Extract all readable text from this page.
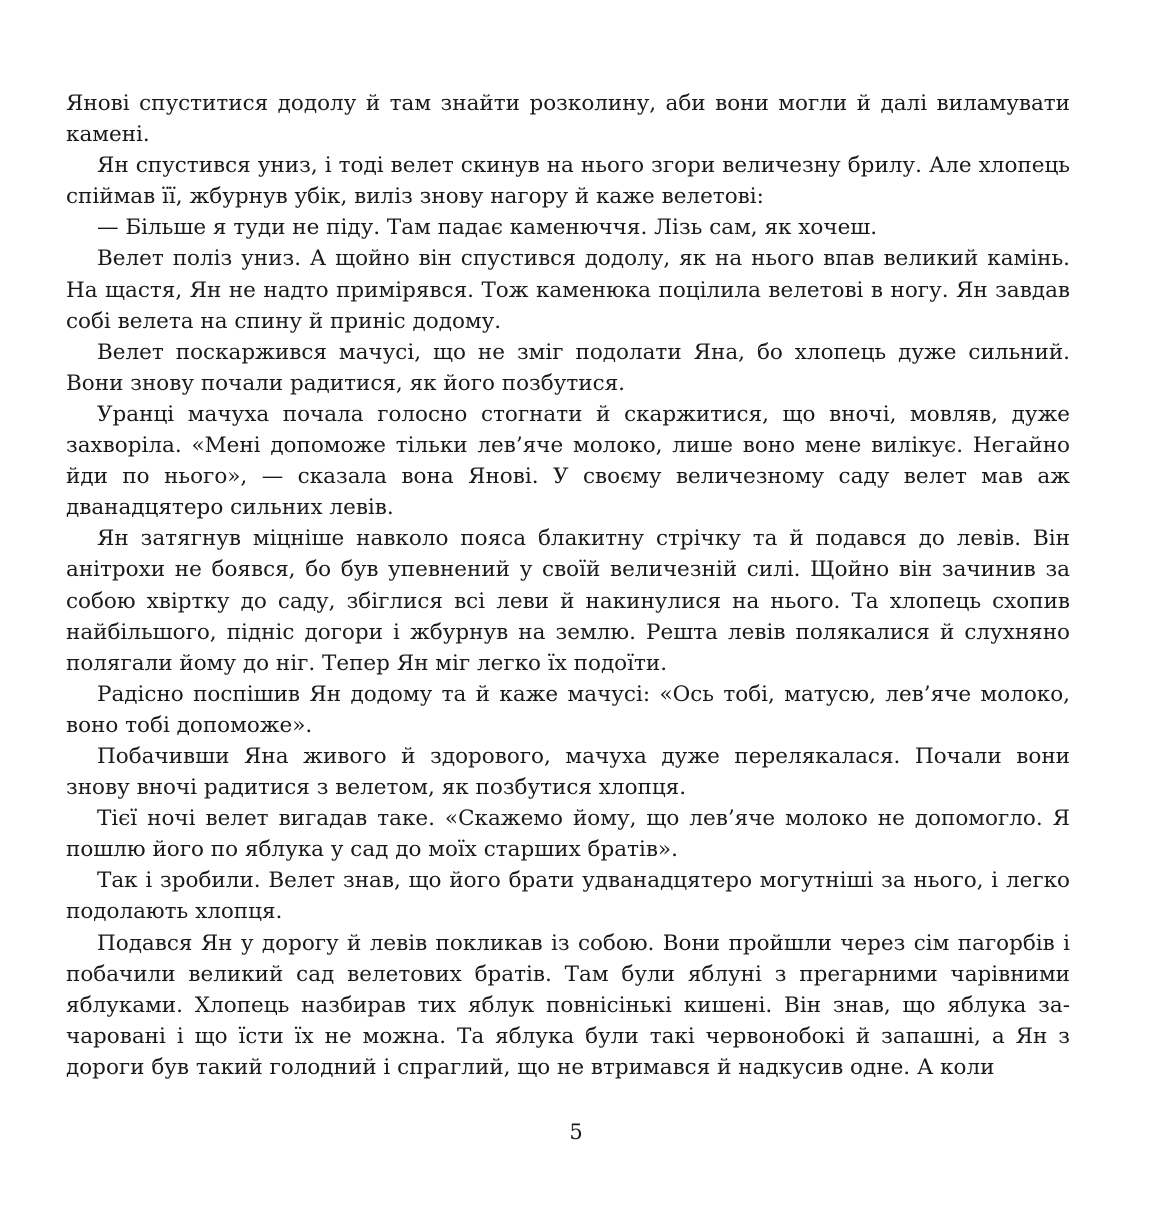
Янові спуститися додолу й там знайти розколину, аби вони могли й далі виламувати камені.

Ян спустився униз, і тоді велет скинув на нього згори величезну брилу. Але хлопець спіймав її, жбурнув убік, виліз знову нагору й каже велетові:

— Більше я туди не піду. Там падає каменюччя. Лізь сам, як хочеш.

Велет поліз униз. А щойно він спустився додолу, як на нього впав великий камінь. На щастя, Ян не надто примірявся. Тож каменюка поцілила велетові в ногу. Ян завдав собі велета на спину й приніс додому.

Велет поскаржився мачусі, що не зміг подолати Яна, бо хлопець дуже сильний. Вони знову почали радитися, як його позбутися.

Уранці мачуха почала голосно стогнати й скаржитися, що вночі, мовляв, дуже захворіла. «Мені допоможе тільки лев’яче молоко, лише воно мене вилікує. Негайно йди по нього», — сказала вона Янові. У своєму величезному саду велет мав аж дванадцятеро сильних левів.

Ян затягнув міцніше навколо пояса блакитну стрічку та й подався до левів. Він анітрохи не боявся, бо був упевнений у своїй величезній силі. Щойно він зачинив за собою хвіртку до саду, збіглися всі леви й накинулися на нього. Та хлопець схопив найбільшого, підніс догори і жбурнув на землю. Решта левів полякалися й слухняно полягали йому до ніг. Тепер Ян міг легко їх подоїти.

Радісно поспішив Ян додому та й каже мачусі: «Ось тобі, матусю, лев’яче молоко, воно тобі допоможе».

Побачивши Яна живого й здорового, мачуха дуже перелякалася. Почали вони знову вночі радитися з велетом, як позбутися хлопця.

Тієї ночі велет вигадав таке. «Скажемо йому, що лев’яче молоко не допомогло. Я пошлю його по яблука у сад до моїх старших братів».

Так і зробили. Велет знав, що його брати удванадцятеро могутніші за нього, і легко подолають хлопця.

Подався Ян у дорогу й левів покликав із собою. Вони пройшли через сім пагорбів і побачили великий сад велетових братів. Там були яблуні з прегарними чарівними яблуками. Хлопець назбирав тих яблук повнісінькі кишені. Він знав, що яблука зачаровані і що їсти їх не можна. Та яблука були такі червонобокі й запашні, а Ян з дороги був такий голодний і спраглий, що не втримався й надкусив одне. А коли

5
